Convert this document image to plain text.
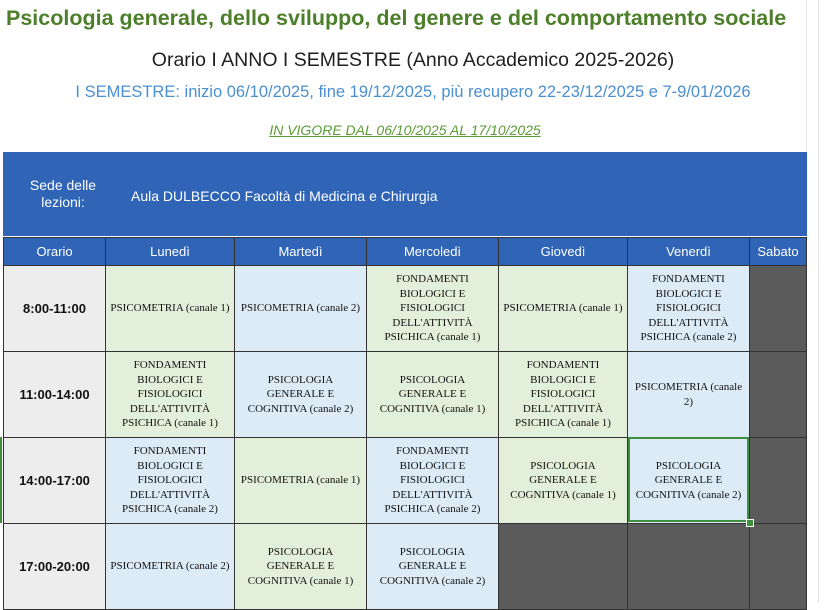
Psicologia generale, dello sviluppo, del genere e del comportamento sociale
Orario I ANNO I SEMESTRE (Anno Accademico 2025-2026)
I SEMESTRE: inizio 06/10/2025, fine 19/12/2025, più recupero 22-23/12/2025 e 7-9/01/2026
IN VIGORE DAL 06/10/2025 AL 17/10/2025
Sede delle
lezioni:	Aula DULBECCO Facoltà di Medicina e Chirurgia
Orario	Lunedì	Martedì	Mercoledì	Giovedì	Venerdì	Sabato
8:00-11:00	PSICOMETRIA (canale 1)	PSICOMETRIA (canale 2)	FONDAMENTI BIOLOGICI E FISIOLOGICI DELL'ATTIVITÀ PSICHICA (canale 1)	PSICOMETRIA (canale 1)	FONDAMENTI BIOLOGICI E FISIOLOGICI DELL'ATTIVITÀ PSICHICA (canale 2)	

11:00-14:00	FONDAMENTI BIOLOGICI E FISIOLOGICI DELL'ATTIVITÀ PSICHICA (canale 1)	PSICOLOGIA GENERALE E COGNITIVA (canale 2)	PSICOLOGIA GENERALE E COGNITIVA (canale 1)	FONDAMENTI BIOLOGICI E FISIOLOGICI DELL'ATTIVITÀ PSICHICA (canale 1)	PSICOMETRIA (canale 2)	

14:00-17:00	FONDAMENTI BIOLOGICI E FISIOLOGICI DELL'ATTIVITÀ PSICHICA (canale 2)	PSICOMETRIA (canale 1)	FONDAMENTI BIOLOGICI E FISIOLOGICI DELL'ATTIVITÀ PSICHICA (canale 2)	PSICOLOGIA GENERALE E COGNITIVA (canale 1)	PSICOLOGIA GENERALE E COGNITIVA (canale 2)	

17:00-20:00	PSICOMETRIA (canale 2)	PSICOLOGIA GENERALE E COGNITIVA (canale 1)	PSICOLOGIA GENERALE E COGNITIVA (canale 2)			
